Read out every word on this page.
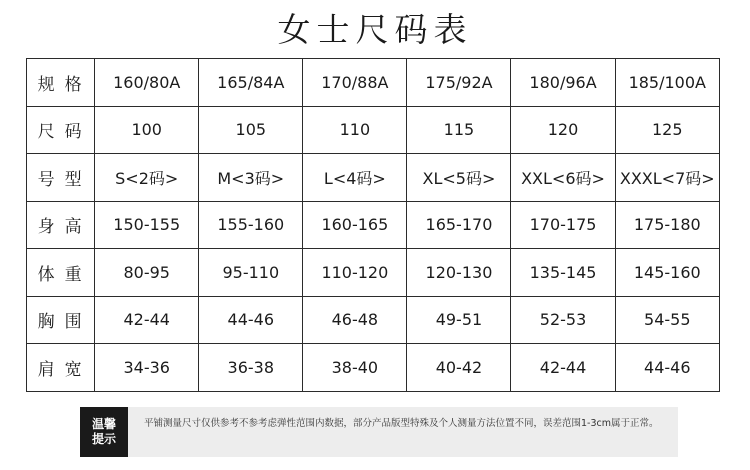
女士尺码表
规格	160/80A	165/84A	170/88A	175/92A	180/96A	185/100A
尺码	100	105	110	115	120	125
号型	S<2码>	M<3码>	L<4码>	XL<5码>	XXL<6码>	XXXL<7码>
身高	150-155	155-160	160-165	165-170	170-175	175-180
体重	80-95	95-110	110-120	120-130	135-145	145-160
胸围	42-44	44-46	46-48	49-51	52-53	54-55
肩宽	34-36	36-38	38-40	40-42	42-44	44-46
温馨提示
平铺测量尺寸仅供参考不参考虑弹性范围内数据，部分产品版型特殊及个人测量方法位置不同，误差范围1-3cm属于正常。
